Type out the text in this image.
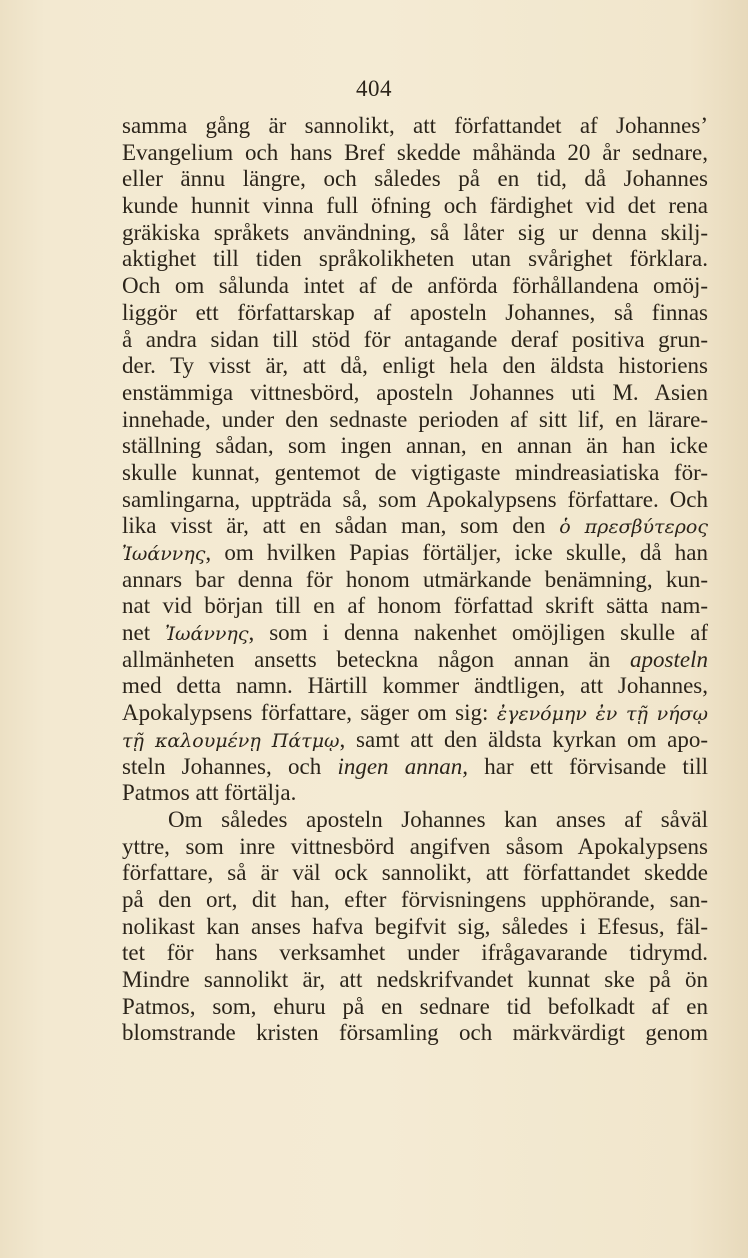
404
samma gång är sannolikt, att författandet af Johannes’
Evangelium och hans Bref skedde måhända 20 år sednare,
eller ännu längre, och således på en tid, då Johannes
kunde hunnit vinna full öfning och färdighet vid det rena
gräkiska språkets användning, så låter sig ur denna skilj-
aktighet till tiden språkolikheten utan svårighet förklara.
Och om sålunda intet af de anförda förhållandena omöj-
liggör ett författarskap af aposteln Johannes, så finnas
å andra sidan till stöd för antagande deraf positiva grun-
der. Ty visst är, att då, enligt hela den äldsta historiens
enstämmiga vittnesbörd, aposteln Johannes uti M. Asien
innehade, under den sednaste perioden af sitt lif, en lärare-
ställning sådan, som ingen annan, en annan än han icke
skulle kunnat, gentemot de vigtigaste mindreasiatiska för-
samlingarna, uppträda så, som Apokalypsens författare. Och
lika visst är, att en sådan man, som den ὁ πρεσβύτερος
Ἰωάννης, om hvilken Papias förtäljer, icke skulle, då han
annars bar denna för honom utmärkande benämning, kun-
nat vid början till en af honom författad skrift sätta nam-
net Ἰωάννης, som i denna nakenhet omöjligen skulle af
allmänheten ansetts beteckna någon annan än aposteln
med detta namn. Härtill kommer ändtligen, att Johannes,
Apokalypsens författare, säger om sig: ἐγενόμην ἐν τῇ νήσῳ
τῇ καλουμένῃ Πάτμῳ, samt att den äldsta kyrkan om apo-
steln Johannes, och ingen annan, har ett förvisande till
Patmos att förtälja.
Om således aposteln Johannes kan anses af såväl
yttre, som inre vittnesbörd angifven såsom Apokalypsens
författare, så är väl ock sannolikt, att författandet skedde
på den ort, dit han, efter förvisningens upphörande, san-
nolikast kan anses hafva begifvit sig, således i Efesus, fäl-
tet för hans verksamhet under ifrågavarande tidrymd.
Mindre sannolikt är, att nedskrifvandet kunnat ske på ön
Patmos, som, ehuru på en sednare tid befolkadt af en
blomstrande kristen församling och märkvärdigt genom
